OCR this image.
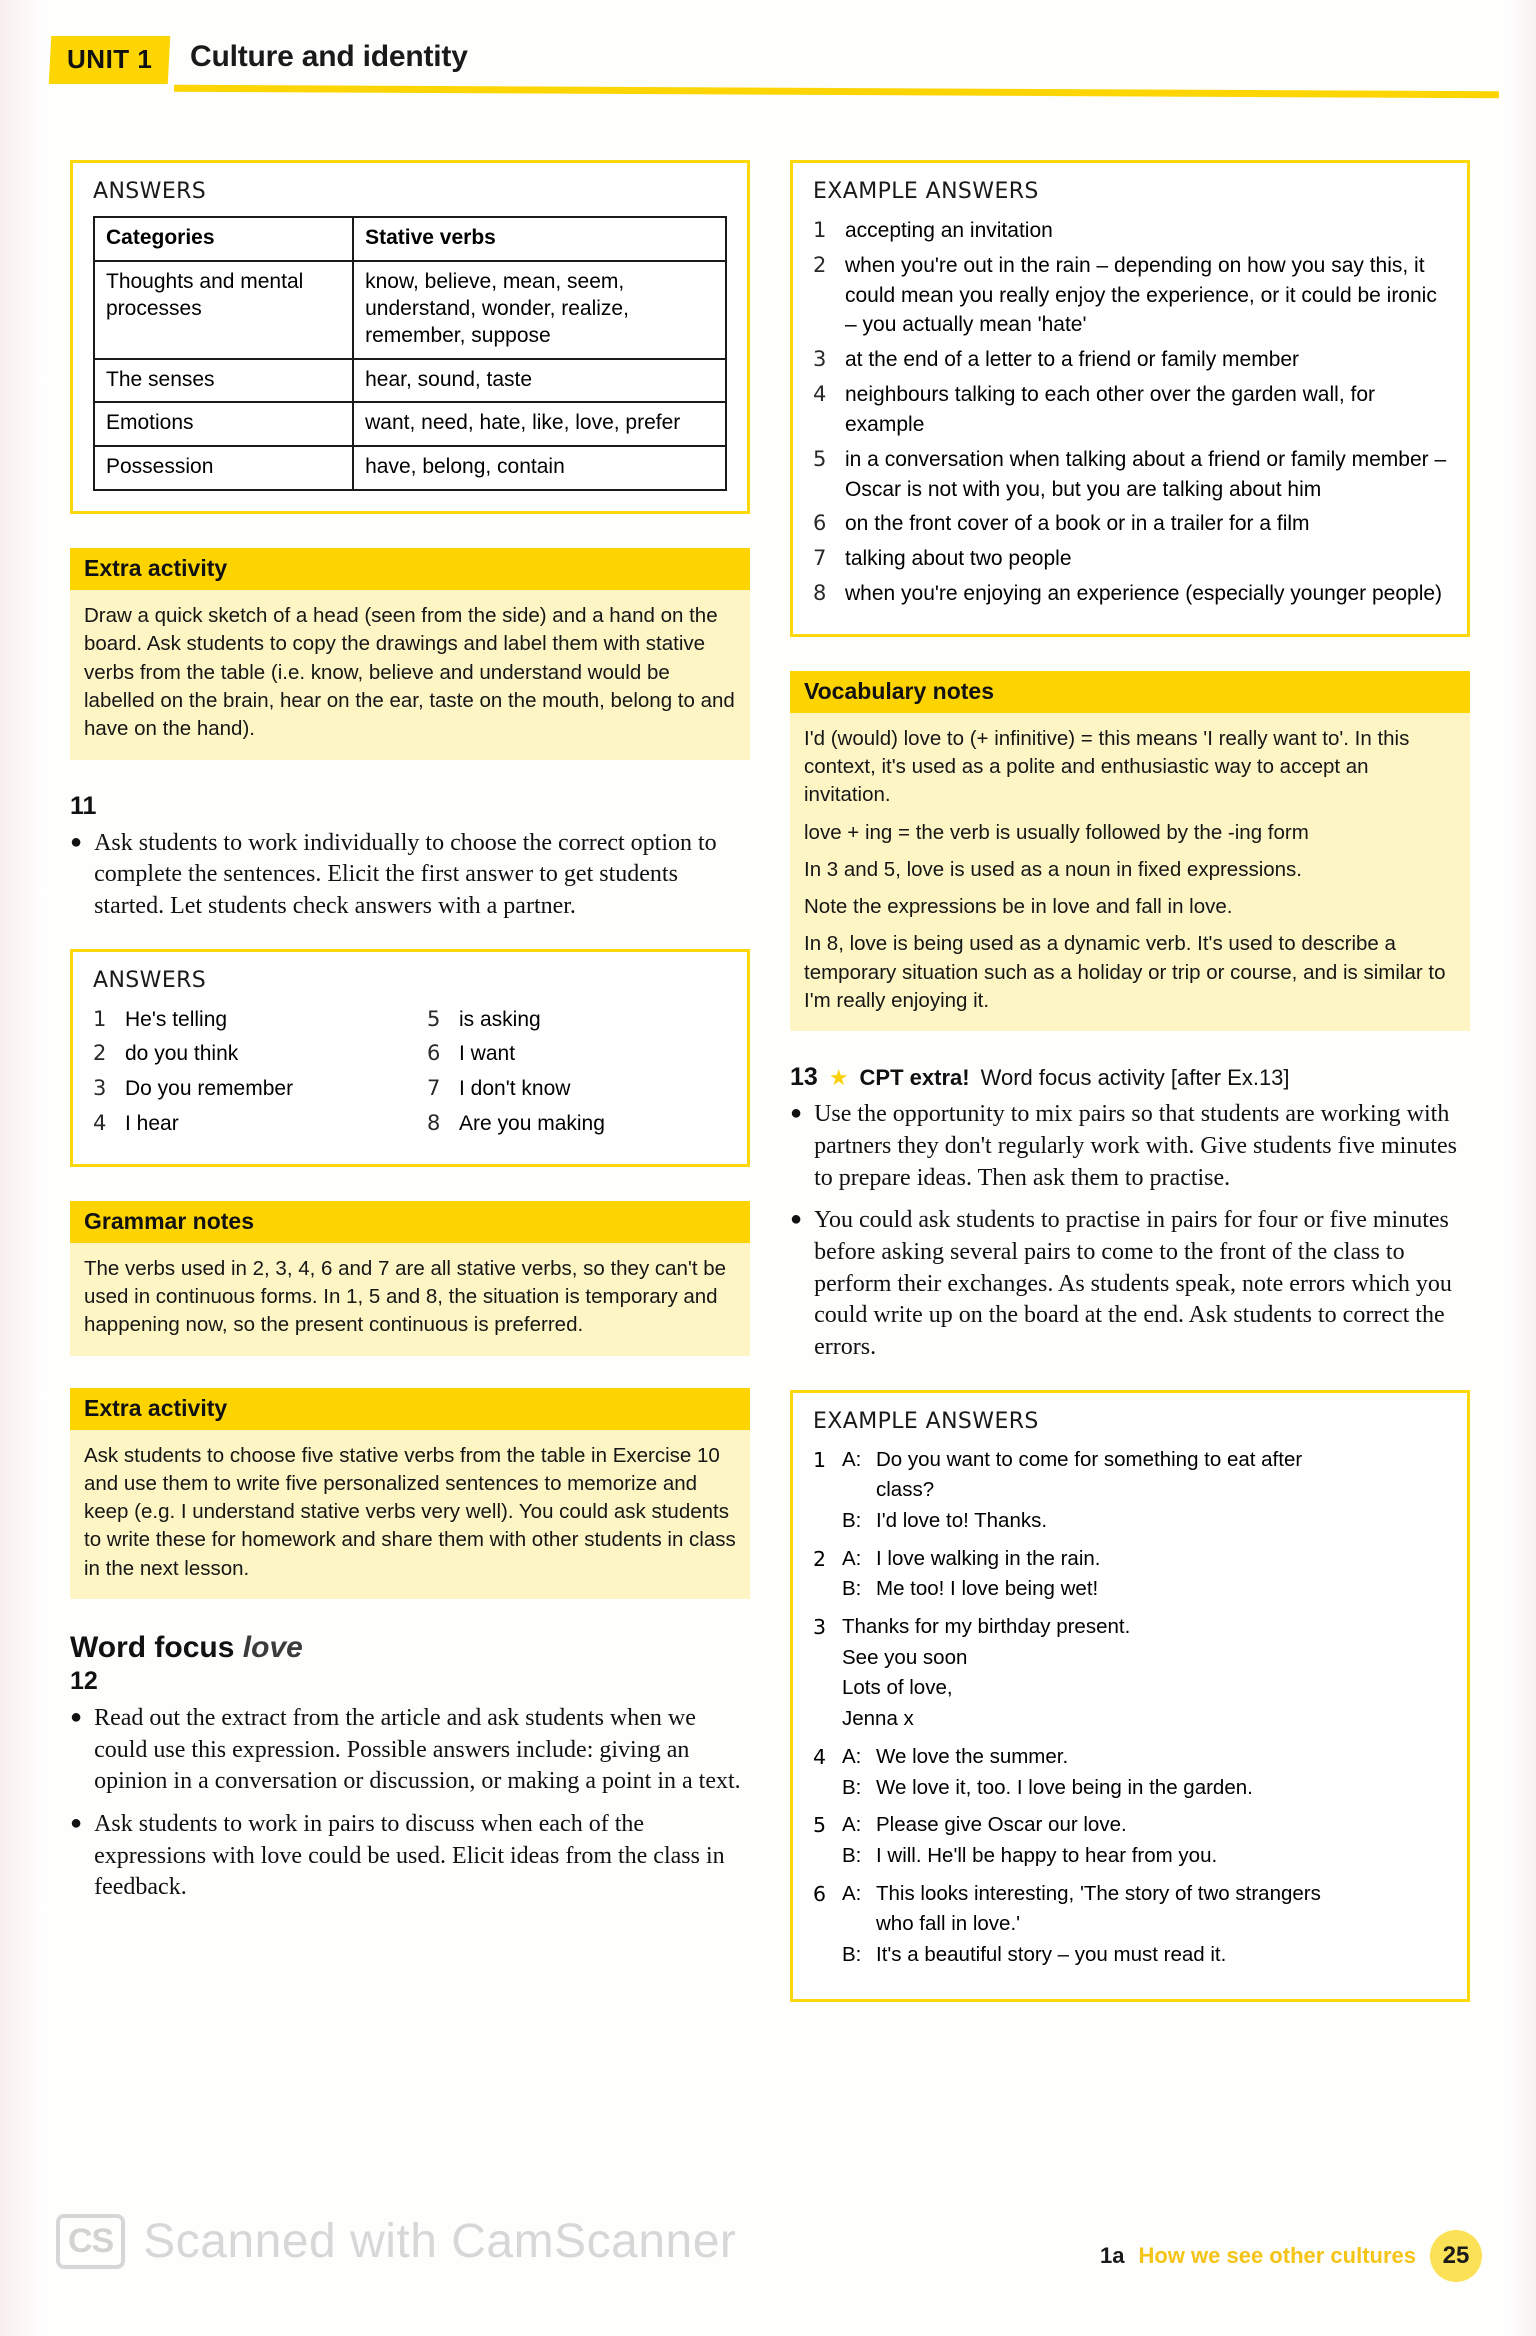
UNIT 1	Culture and identity
ANSWERS
Categories	Stative verbs
Thoughts and mental processes	know, believe, mean, seem, understand, wonder, realize, remember, suppose
The senses	hear, sound, taste
Emotions	want, need, hate, like, love, prefer
Possession	have, belong, contain
Extra activity

Draw a quick sketch of a head (seen from the side) and a hand on the board. Ask students to copy the drawings and label them with stative verbs from the table (i.e. know, believe and understand would be labelled on the brain, hear on the ear, taste on the mouth, belong to and have on the hand).

11
● Ask students to work individually to choose the correct option to complete the sentences. Elicit the first answer to get students started. Let students check answers with a partner.
ANSWERS
1 He's telling
2 do you think
3 Do you remember
4 I hear
5 is asking
6 I want
7 I don't know
8 Are you making
Grammar notes

The verbs used in 2, 3, 4, 6 and 7 are all stative verbs, so they can't be used in continuous forms. In 1, 5 and 8, the situation is temporary and happening now, so the present continuous is preferred.

Extra activity

Ask students to choose five stative verbs from the table in Exercise 10 and use them to write five personalized sentences to memorize and keep (e.g. I understand stative verbs very well). You could ask students to write these for homework and share them with other students in class in the next lesson.

Word focus love
12
● Read out the extract from the article and ask students when we could use this expression. Possible answers include: giving an opinion in a conversation or discussion, or making a point in a text.
● Ask students to work in pairs to discuss when each of the expressions with love could be used. Elicit ideas from the class in feedback.
EXAMPLE ANSWERS
1 accepting an invitation
2 when you're out in the rain – depending on how you say this, it could mean you really enjoy the experience, or it could be ironic – you actually mean 'hate'
3 at the end of a letter to a friend or family member
4 neighbours talking to each other over the garden wall, for example
5 in a conversation when talking about a friend or family member – Oscar is not with you, but you are talking about him
6 on the front cover of a book or in a trailer for a film
7 talking about two people
8 when you're enjoying an experience (especially younger people)
Vocabulary notes

I'd (would) love to (+ infinitive) = this means 'I really want to'. In this context, it's used as a polite and enthusiastic way to accept an invitation.

love + ing = the verb is usually followed by the -ing form

In 3 and 5, love is used as a noun in fixed expressions.

Note the expressions be in love and fall in love.

In 8, love is being used as a dynamic verb. It's used to describe a temporary situation such as a holiday or trip or course, and is similar to I'm really enjoying it.

13 ★ CPT extra! Word focus activity [after Ex.13]
● Use the opportunity to mix pairs so that students are working with partners they don't regularly work with. Give students five minutes to prepare ideas. Then ask them to practise.
● You could ask students to practise in pairs for four or five minutes before asking several pairs to come to the front of the class to perform their exchanges. As students speak, note errors which you could write up on the board at the end. Ask students to correct the errors.
EXAMPLE ANSWERS
1 A: Do you want to come for something to eat after
class?
B: I'd love to! Thanks.
2 A: I love walking in the rain.
B: Me too! I love being wet!
3 Thanks for my birthday present.
See you soon
Lots of love,
Jenna x
4 A: We love the summer.
B: We love it, too. I love being in the garden.
5 A: Please give Oscar our love.
B: I will. He'll be happy to hear from you.
6 A: This looks interesting, 'The story of two strangers
who fall in love.'
B: It's a beautiful story – you must read it.
CS Scanned with CamScanner	1a How we see other cultures	25
